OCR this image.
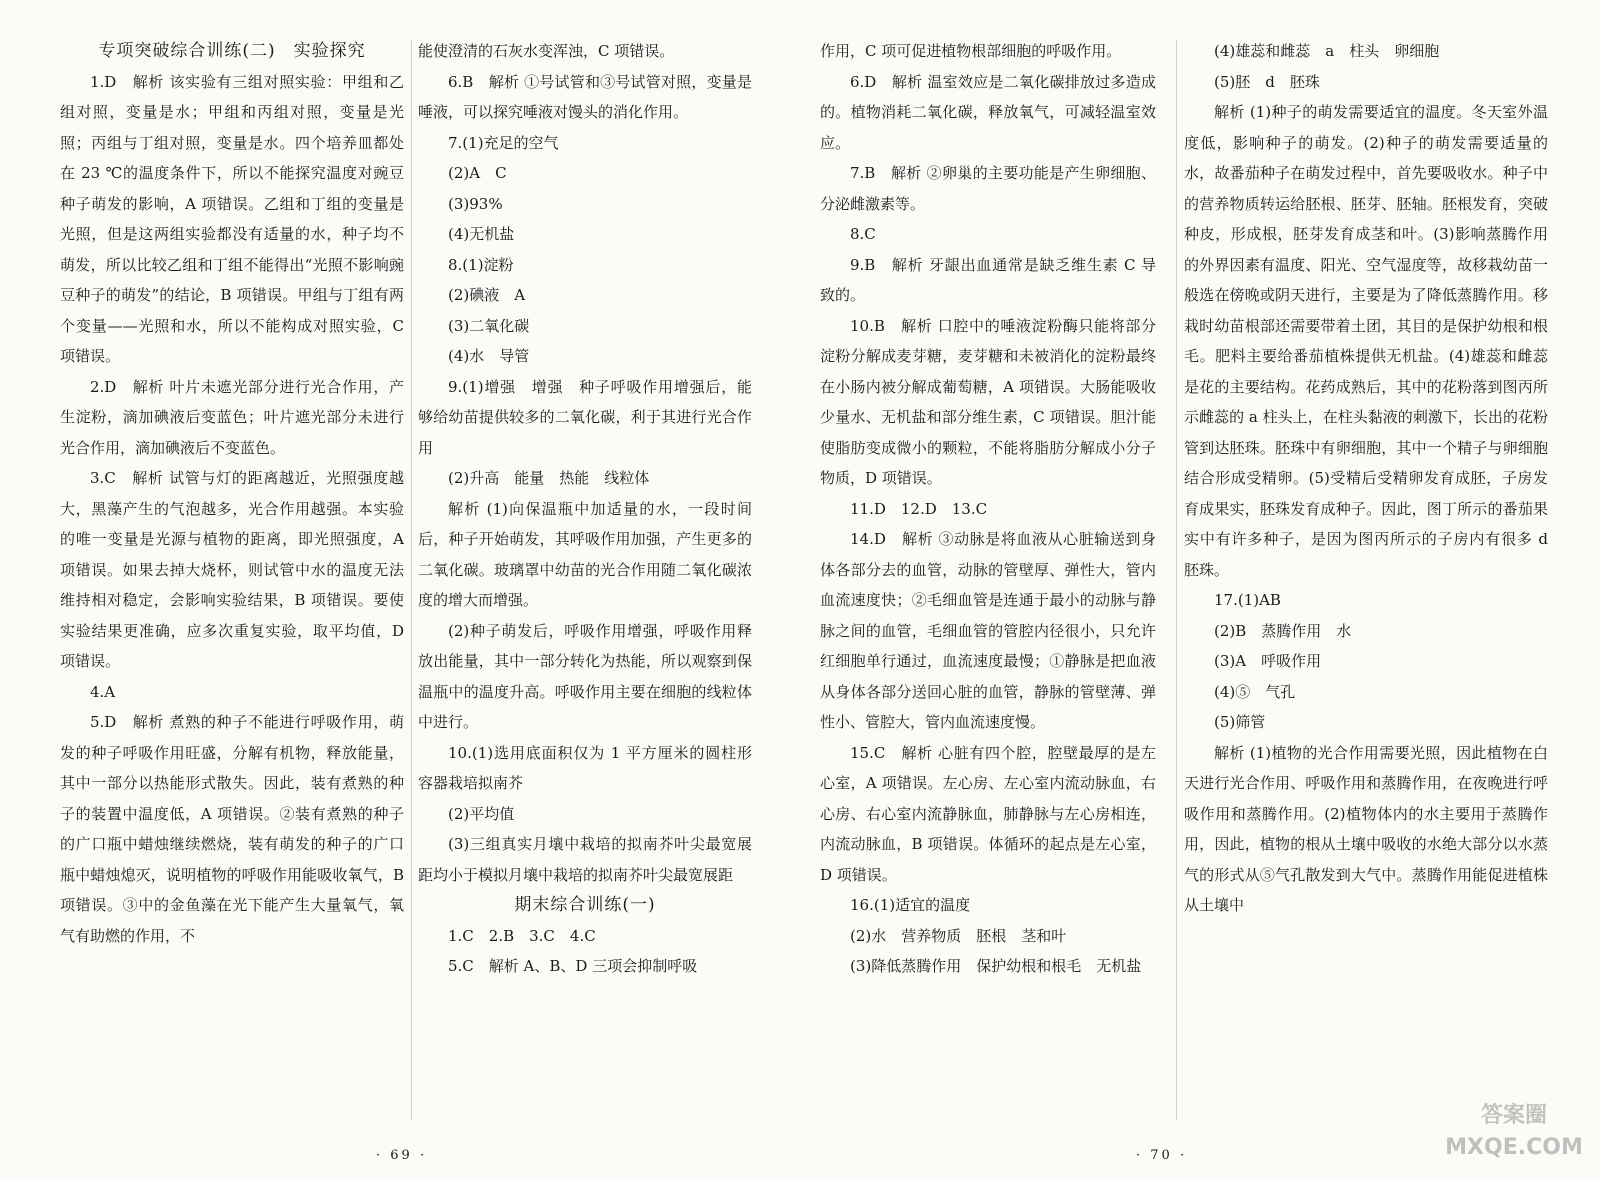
专项突破综合训练(二)　实验探究

1.D　解析 该实验有三组对照实验：甲组和乙组对照，变量是水；甲组和丙组对照，变量是光照；丙组与丁组对照，变量是水。四个培养皿都处在 23 ℃的温度条件下，所以不能探究温度对豌豆种子萌发的影响，A 项错误。乙组和丁组的变量是光照，但是这两组实验都没有适量的水，种子均不萌发，所以比较乙组和丁组不能得出“光照不影响豌豆种子的萌发”的结论，B 项错误。甲组与丁组有两个变量——光照和水，所以不能构成对照实验，C 项错误。

2.D　解析 叶片未遮光部分进行光合作用，产生淀粉，滴加碘液后变蓝色；叶片遮光部分未进行光合作用，滴加碘液后不变蓝色。

3.C　解析 试管与灯的距离越近，光照强度越大，黑藻产生的气泡越多，光合作用越强。本实验的唯一变量是光源与植物的距离，即光照强度，A 项错误。如果去掉大烧杯，则试管中水的温度无法维持相对稳定，会影响实验结果，B 项错误。要使实验结果更准确，应多次重复实验，取平均值，D 项错误。

4.A

5.D　解析 煮熟的种子不能进行呼吸作用，萌发的种子呼吸作用旺盛，分解有机物，释放能量，其中一部分以热能形式散失。因此，装有煮熟的种子的装置中温度低，A 项错误。②装有煮熟的种子的广口瓶中蜡烛继续燃烧，装有萌发的种子的广口瓶中蜡烛熄灭，说明植物的呼吸作用能吸收氧气，B 项错误。③中的金鱼藻在光下能产生大量氧气，氧气有助燃的作用，不

能使澄清的石灰水变浑浊，C 项错误。

6.B　解析 ①号试管和③号试管对照，变量是唾液，可以探究唾液对馒头的消化作用。

7.(1)充足的空气

(2)A　C

(3)93%

(4)无机盐

8.(1)淀粉

(2)碘液　A

(3)二氧化碳

(4)水　导管

9.(1)增强　增强　种子呼吸作用增强后，能够给幼苗提供较多的二氧化碳，利于其进行光合作用

(2)升高　能量　热能　线粒体

解析 (1)向保温瓶中加适量的水，一段时间后，种子开始萌发，其呼吸作用加强，产生更多的二氧化碳。玻璃罩中幼苗的光合作用随二氧化碳浓度的增大而增强。

(2)种子萌发后，呼吸作用增强，呼吸作用释放出能量，其中一部分转化为热能，所以观察到保温瓶中的温度升高。呼吸作用主要在细胞的线粒体中进行。

10.(1)选用底面积仅为 1 平方厘米的圆柱形容器栽培拟南芥

(2)平均值

(3)三组真实月壤中栽培的拟南芥叶尖最宽展距均小于模拟月壤中栽培的拟南芥叶尖最宽展距

期末综合训练(一)

1.C　2.B　3.C　4.C

5.C　解析 A、B、D 三项会抑制呼吸

· 69 ·

作用，C 项可促进植物根部细胞的呼吸作用。

6.D　解析 温室效应是二氧化碳排放过多造成的。植物消耗二氧化碳，释放氧气，可减轻温室效应。

7.B　解析 ②卵巢的主要功能是产生卵细胞、分泌雌激素等。

8.C

9.B　解析 牙龈出血通常是缺乏维生素 C 导致的。

10.B　解析 口腔中的唾液淀粉酶只能将部分淀粉分解成麦芽糖，麦芽糖和未被消化的淀粉最终在小肠内被分解成葡萄糖，A 项错误。大肠能吸收少量水、无机盐和部分维生素，C 项错误。胆汁能使脂肪变成微小的颗粒，不能将脂肪分解成小分子物质，D 项错误。

11.D　12.D　13.C

14.D　解析 ③动脉是将血液从心脏输送到身体各部分去的血管，动脉的管壁厚、弹性大，管内血流速度快；②毛细血管是连通于最小的动脉与静脉之间的血管，毛细血管的管腔内径很小，只允许红细胞单行通过，血流速度最慢；①静脉是把血液从身体各部分送回心脏的血管，静脉的管壁薄、弹性小、管腔大，管内血流速度慢。

15.C　解析 心脏有四个腔，腔壁最厚的是左心室，A 项错误。左心房、左心室内流动脉血，右心房、右心室内流静脉血，肺静脉与左心房相连，内流动脉血，B 项错误。体循环的起点是左心室，D 项错误。

16.(1)适宜的温度

(2)水　营养物质　胚根　茎和叶

(3)降低蒸腾作用　保护幼根和根毛　无机盐

(4)雄蕊和雌蕊　a　柱头　卵细胞

(5)胚　d　胚珠

解析 (1)种子的萌发需要适宜的温度。冬天室外温度低，影响种子的萌发。(2)种子的萌发需要适量的水，故番茄种子在萌发过程中，首先要吸收水。种子中的营养物质转运给胚根、胚芽、胚轴。胚根发育，突破种皮，形成根，胚芽发育成茎和叶。(3)影响蒸腾作用的外界因素有温度、阳光、空气湿度等，故移栽幼苗一般选在傍晚或阴天进行，主要是为了降低蒸腾作用。移栽时幼苗根部还需要带着土团，其目的是保护幼根和根毛。肥料主要给番茄植株提供无机盐。(4)雄蕊和雌蕊是花的主要结构。花药成熟后，其中的花粉落到图丙所示雌蕊的 a 柱头上，在柱头黏液的刺激下，长出的花粉管到达胚珠。胚珠中有卵细胞，其中一个精子与卵细胞结合形成受精卵。(5)受精后受精卵发育成胚，子房发育成果实，胚珠发育成种子。因此，图丁所示的番茄果实中有许多种子，是因为图丙所示的子房内有很多 d 胚珠。

17.(1)AB

(2)B　蒸腾作用　水

(3)A　呼吸作用

(4)⑤　气孔

(5)筛管

解析 (1)植物的光合作用需要光照，因此植物在白天进行光合作用、呼吸作用和蒸腾作用，在夜晚进行呼吸作用和蒸腾作用。(2)植物体内的水主要用于蒸腾作用，因此，植物的根从土壤中吸收的水绝大部分以水蒸气的形式从⑤气孔散发到大气中。蒸腾作用能促进植株从土壤中

· 70 ·
答案圈
MXQE.COM
